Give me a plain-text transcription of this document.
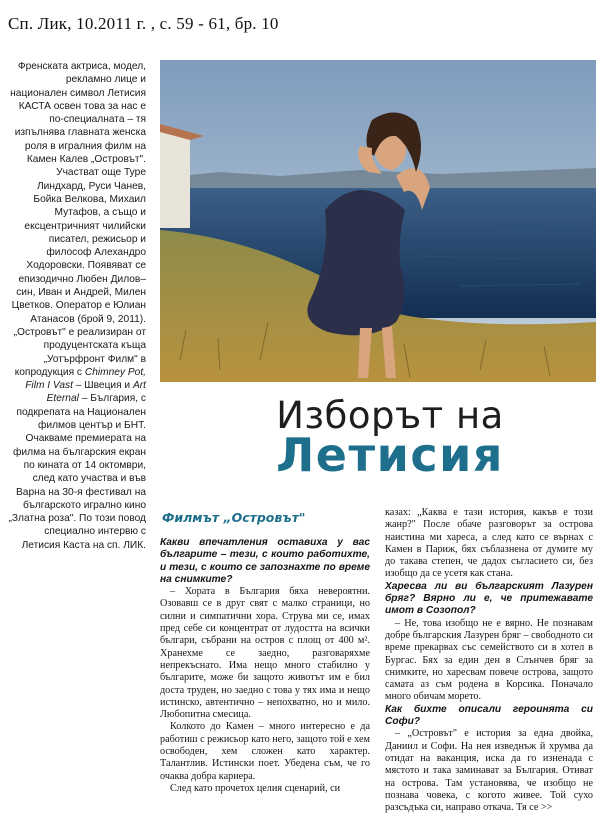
Сп. Лик, 10.2011 г. , с. 59 - 61, бр. 10
Френската актриса, модел, рекламно лице и национален символ Летисия КАСТА освен това за нас е по-специалната – тя изпълнява главната женска роля в игралния филм на Камен Калев „Островът". Участват още Туре Линдхард, Руси Чанев, Бойка Велкова, Михаил Мутафов, а също и ексцентричният чилийски писател, режисьор и философ Алехандро Ходоровски. Появяват се епизодично Любен Дилов–син, Иван и Андрей, Милен Цветков. Оператор е Юлиан Атанасов (брой 9, 2011). „Островът" е реализиран от продуцентската къща „Уотърфронт Филм" в копродукция с Chimney Pot, Film I Vast – Швеция и Art Eternal – България, с подкрепата на Национален филмов център и БНТ. Очакваме премиерата на филма на българския екран по кината от 14 октомври, след като участва и във Варна на 30-я фестивал на българското игрално кино „Златна роза". По този повод специално интервю с Летисия Каста на сп. ЛИК.
Изборът на
Летисия
Филмът „Островът"

Какви впечатления оставиха у вас българите – тези, с които работихте, и тези, с които се запознахте по време на снимките?

– Хората в България бяха невероятни. Озовавш се в друг свят с малко страници, но силни и симпатични хора. Струва ми се, имах пред себе си концентрат от лудостта на всички българи, събрани на остров с площ от 400 м². Хранехме се заедно, разговаряхме непрекъснато. Има нещо много стабилно у българите, може би защото животът им е бил доста труден, но заедно с това у тях има и нещо истинско, автентично – непохватно, но и мило. Любопитна смесица.

Колкото до Камен – много интересно е да работиш с режисьор като него, защото той е хем освободен, хем сложен като характер. Талантлив. Истински поет. Убедена съм, че го очаква добра кариера.

След като прочетох целия сценарий, си

казах: „Каква е тази история, какъв е този жанр?" После обаче разговорът за острова наистина ми хареса, а след като се върнах с Камен в Париж, бях съблазнена от думите му до такава степен, че дадох съгласието си, без изобщо да се усетя как стана.

Харесва ли ви българският Лазурен бряг? Вярно ли е, че притежавате имот в Созопол?

– Не, това изобщо не е вярно. Не познавам добре българския Лазурен бряг – свободното си време прекарвах със семейството си в хотел в Бургас. Бях за един ден в Слънчев бряг за снимките, но харесвам повече острова, защото самата аз съм родена в Корсика. Поначало много обичам морето.

Как бихте описали героинята си Софи?

– „Островът" е история за една двойка, Даниил и Софи. На нея изведнъж й хрумва да отидат на ваканция, иска да го изненада с мястото и така заминават за България. Отиват на острова. Там установява, че изобщо не познава човека, с когото живее. Той сухо разсъдъка си, направо откача. Тя се >>
